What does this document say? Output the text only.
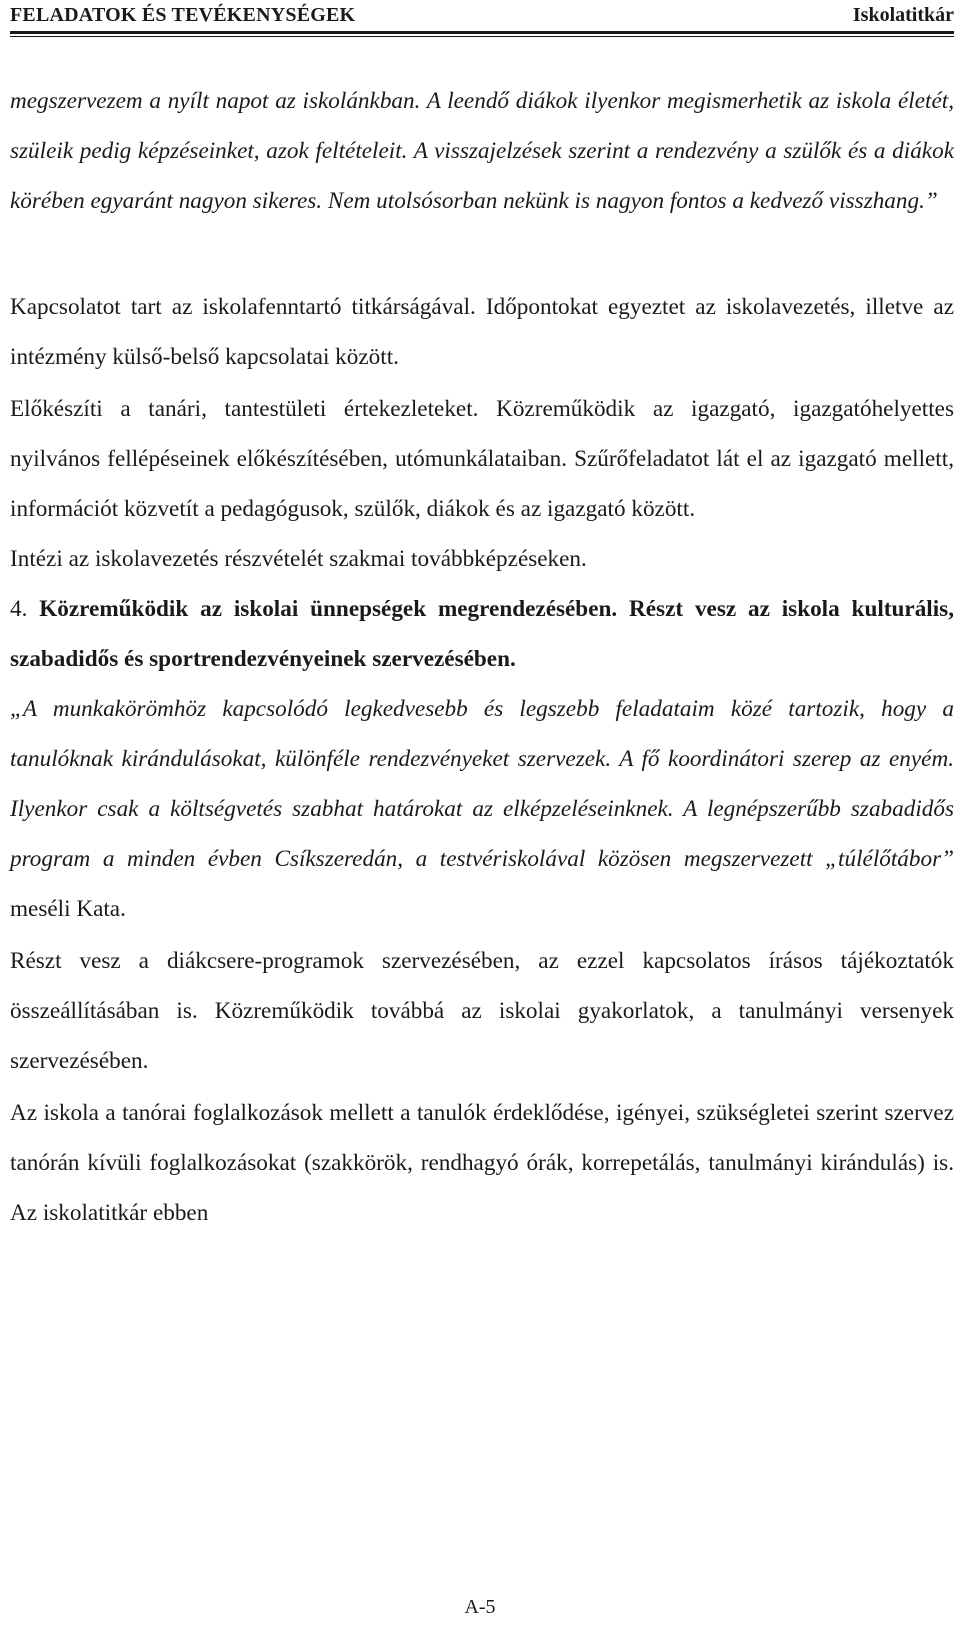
FELADATOK ÉS TEVÉKENYSÉGEK	Iskolatitkár

megszervezem a nyílt napot az iskolánkban. A leendő diákok ilyenkor megismerhetik az iskola életét, szüleik pedig képzéseinket, azok feltételeit. A visszajelzések szerint a rendezvény a szülők és a diákok körében egyaránt nagyon sikeres. Nem utolsósorban nekünk is nagyon fontos a kedvező visszhang.”

Kapcsolatot tart az iskolafenntartó titkárságával. Időpontokat egyeztet az iskolavezetés, illetve az intézmény külső-belső kapcsolatai között.

Előkészíti a tanári, tantestületi értekezleteket. Közreműködik az igazgató, igazgatóhelyettes nyilvános fellépéseinek előkészítésében, utómunkálataiban. Szűrőfeladatot lát el az igazgató mellett, információt közvetít a pedagógusok, szülők, diákok és az igazgató között.

Intézi az iskolavezetés részvételét szakmai továbbképzéseken.

4. Közreműködik az iskolai ünnepségek megrendezésében. Részt vesz az iskola kulturális, szabadidős és sportrendezvényeinek szervezésében.

„A munkakörömhöz kapcsolódó legkedvesebb és legszebb feladataim közé tartozik, hogy a tanulóknak kirándulásokat, különféle rendezvényeket szervezek. A fő koordinátori szerep az enyém. Ilyenkor csak a költségvetés szabhat határokat az elképzeléseinknek. A legnépszerűbb szabadidős program a minden évben Csíkszeredán, a testvériskolával közösen megszervezett „túlélőtábor” meséli Kata.

Részt vesz a diákcsere-programok szervezésében, az ezzel kapcsolatos írásos tájékoztatók összeállításában is. Közreműködik továbbá az iskolai gyakorlatok, a tanulmányi versenyek szervezésében.

Az iskola a tanórai foglalkozások mellett a tanulók érdeklődése, igényei, szükségletei szerint szervez tanórán kívüli foglalkozásokat (szakkörök, rendhagyó órák, korrepetálás, tanulmányi kirándulás) is. Az iskolatitkár ebben

A-5
